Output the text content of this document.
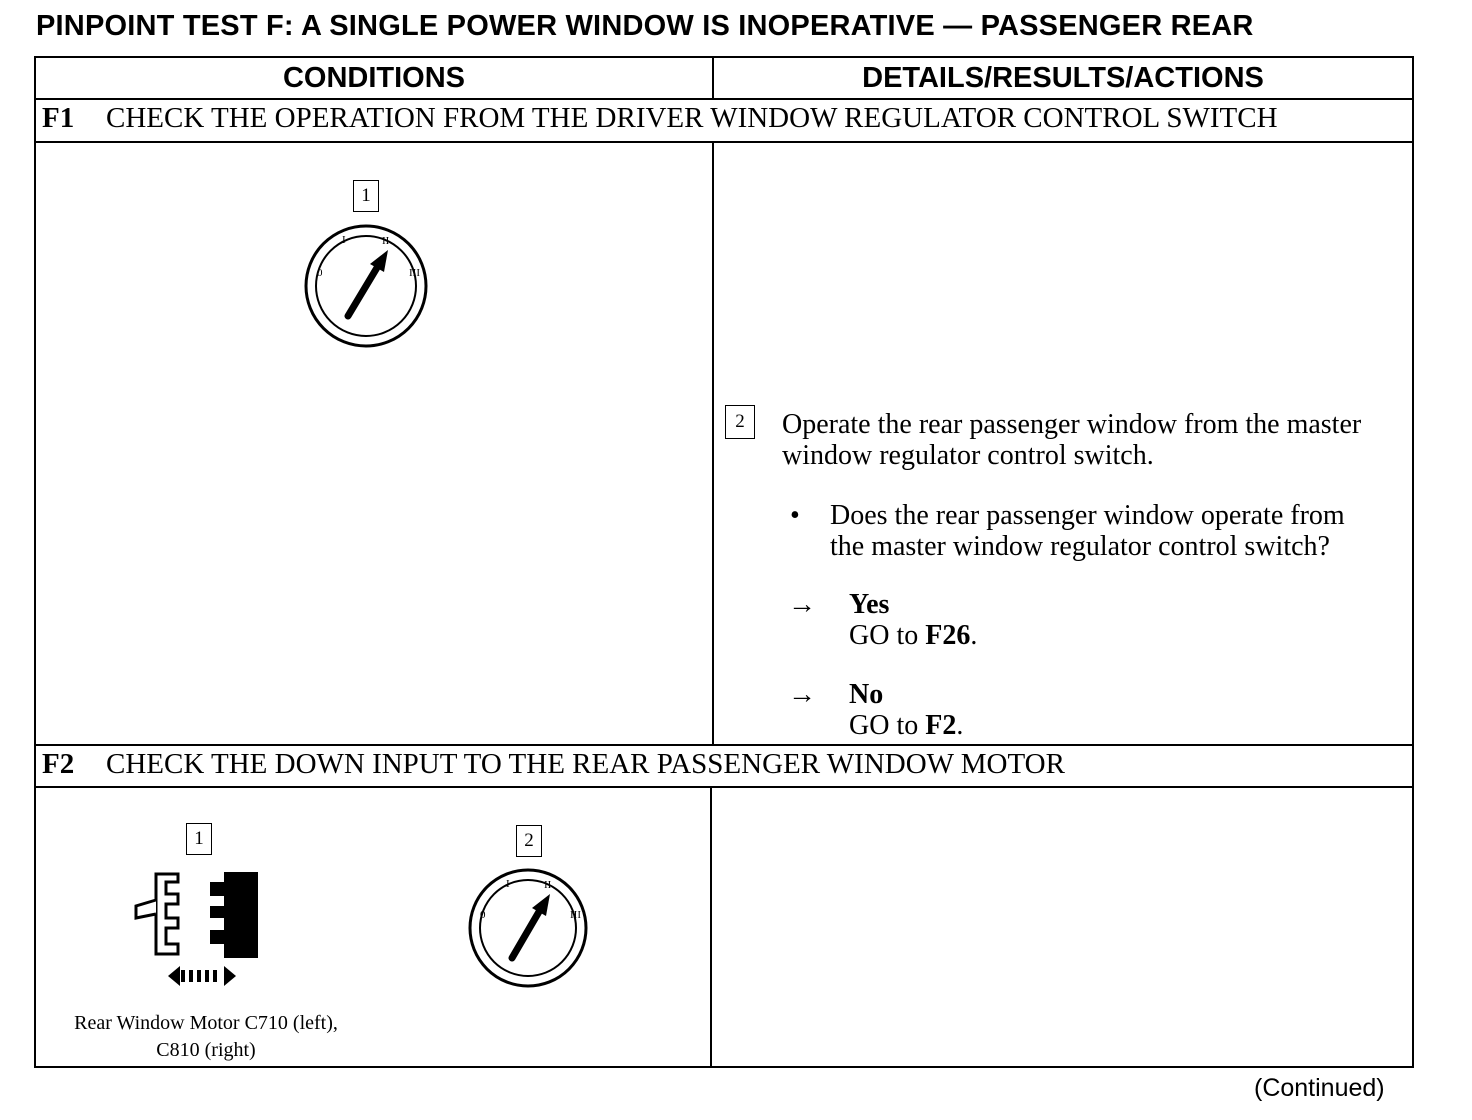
PINPOINT TEST F: A SINGLE POWER WINDOW IS INOPERATIVE — PASSENGER REAR
CONDITIONS	DETAILS/RESULTS/ACTIONS
F1 CHECK THE OPERATION FROM THE DRIVER WINDOW REGULATOR CONTROL SWITCH
1
0
I	II
III
2	Operate the rear passenger window from the master
window regulator control switch.
• Does the rear passenger window operate from
the master window regulator control switch?
→ Yes
GO to F26.
→ No
GO to F2.
F2 CHECK THE DOWN INPUT TO THE REAR PASSENGER WINDOW MOTOR
1
Rear Window Motor C710 (left),
C810 (right)
2
0
I	II
III
(Continued)
